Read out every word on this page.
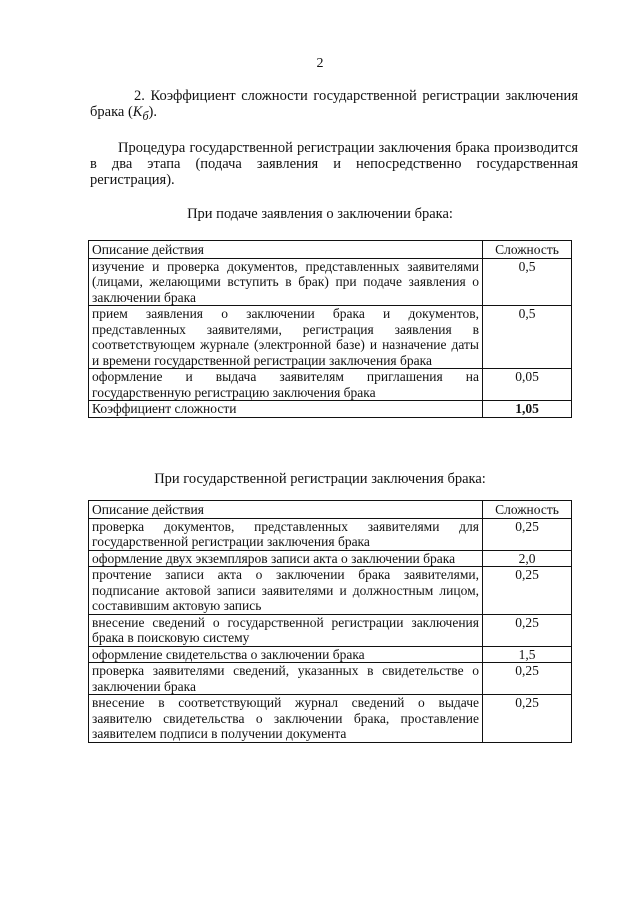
2
2. Коэффициент сложности государственной регистрации заключения брака $(K_б)$.
Процедура государственной регистрации заключения брака производится в два этапа (подача заявления и непосредственно государственная регистрация).
При подаче заявления о заключении брака:
Описание действия	Сложность
изучение и проверка документов, представленных заявителями (лицами, желающими вступить в брак) при подаче заявления о заключении брака	0,5
прием заявления о заключении брака и документов, представленных заявителями, регистрация заявления в соответствующем журнале (электронной базе) и назначение даты и времени государственной регистрации заключения брака	0,5
оформление и выдача заявителям приглашения на государственную регистрацию заключения брака	0,05
Коэффициент сложности	1,05
При государственной регистрации заключения брака:
Описание действия	Сложность
проверка документов, представленных заявителями для государственной регистрации заключения брака	0,25
оформление двух экземпляров записи акта о заключении брака	2,0
прочтение записи акта о заключении брака заявителями, подписание актовой записи заявителями и должностным лицом, составившим актовую запись	0,25
внесение сведений о государственной регистрации заключения брака в поисковую систему	0,25
оформление свидетельства о заключении брака	1,5
проверка заявителями сведений, указанных в свидетельстве о заключении брака	0,25
внесение в соответствующий журнал сведений о выдаче заявителю свидетельства о заключении брака, проставление заявителем подписи в получении документа	0,25
